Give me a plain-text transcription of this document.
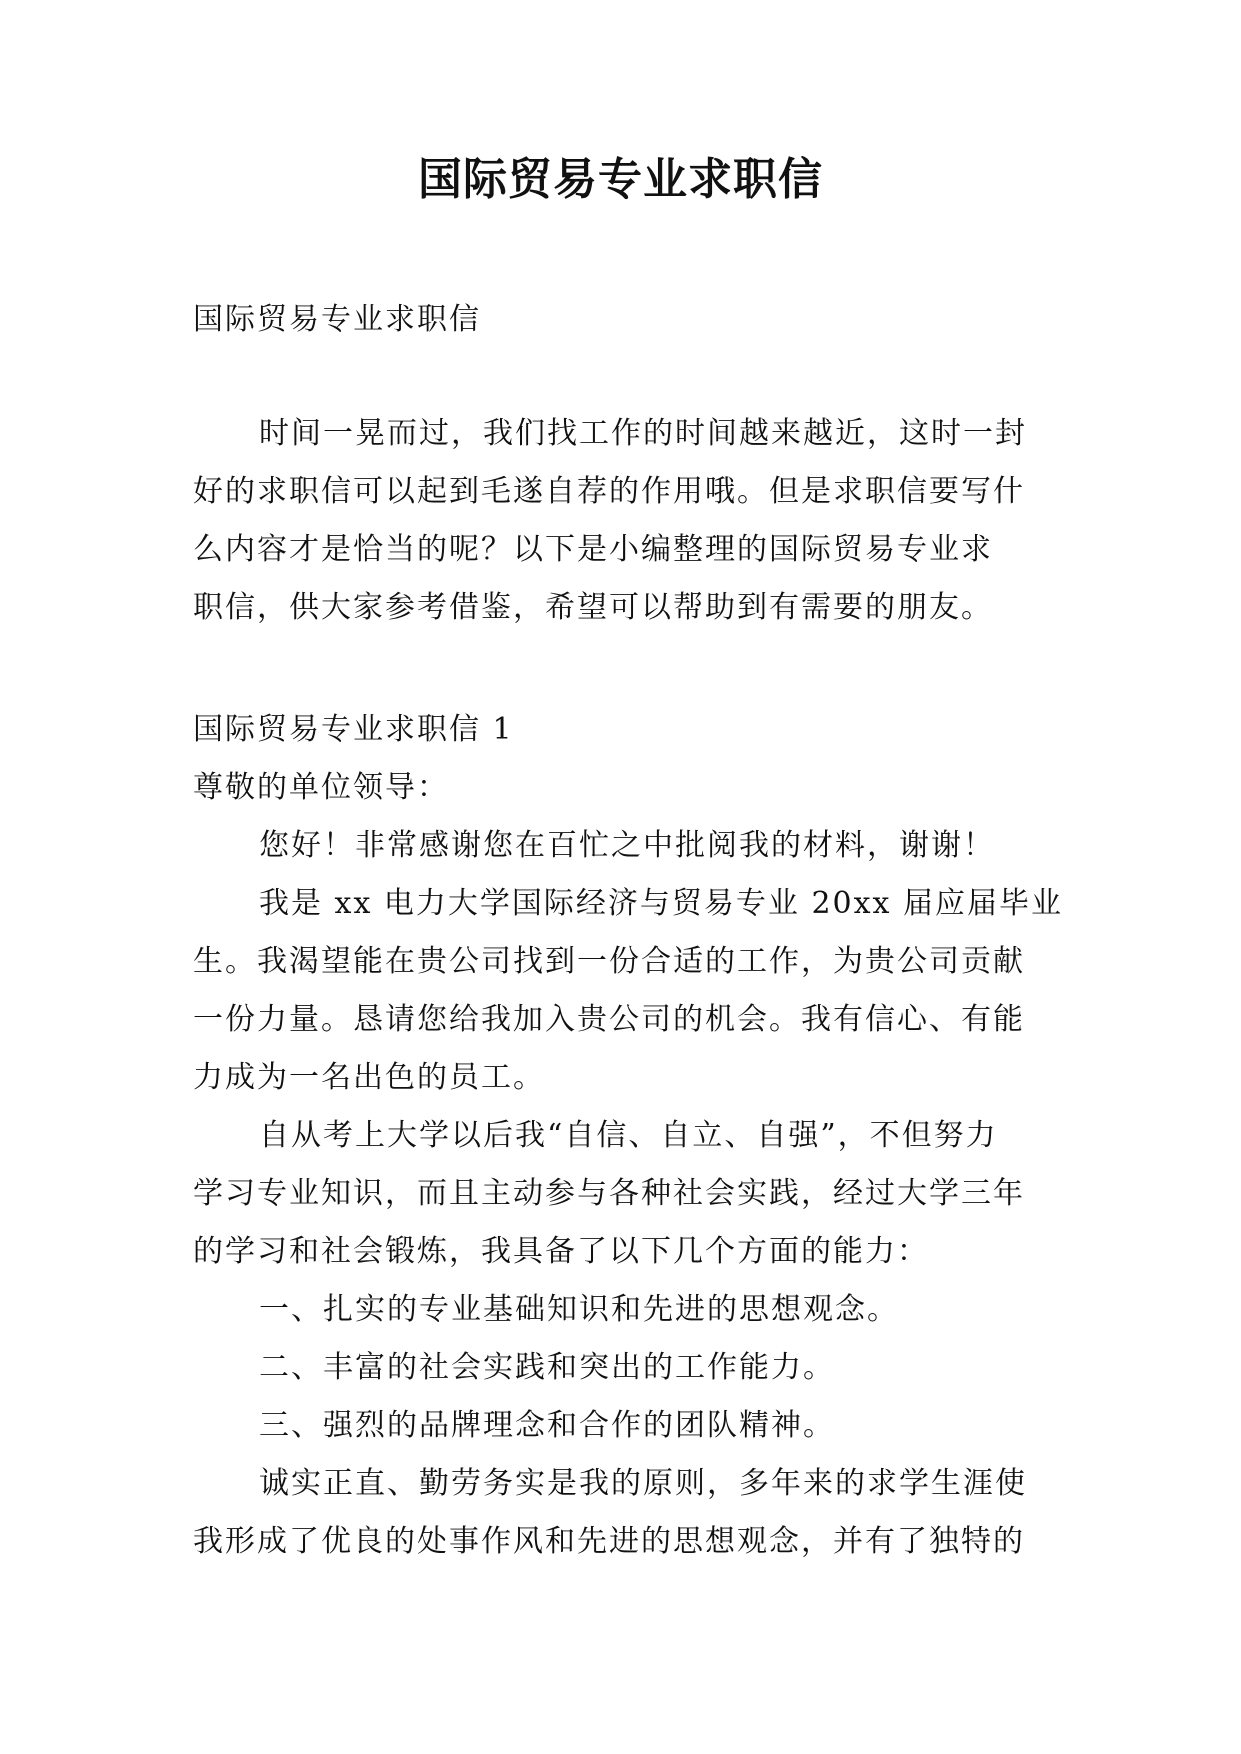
国际贸易专业求职信

国际贸易专业求职信

时间一晃而过，我们找工作的时间越来越近，这时一封

好的求职信可以起到毛遂自荐的作用哦。但是求职信要写什

么内容才是恰当的呢？以下是小编整理的国际贸易专业求

职信，供大家参考借鉴，希望可以帮助到有需要的朋友。

国际贸易专业求职信 1

尊敬的单位领导：

您好！非常感谢您在百忙之中批阅我的材料，谢谢！

我是 xx 电力大学国际经济与贸易专业 20xx 届应届毕业

生。我渴望能在贵公司找到一份合适的工作，为贵公司贡献

一份力量。恳请您给我加入贵公司的机会。我有信心、有能

力成为一名出色的员工。

自从考上大学以后我“自信、自立、自强”，不但努力

学习专业知识，而且主动参与各种社会实践，经过大学三年

的学习和社会锻炼，我具备了以下几个方面的能力：

一、扎实的专业基础知识和先进的思想观念。

二、丰富的社会实践和突出的工作能力。

三、强烈的品牌理念和合作的团队精神。

诚实正直、勤劳务实是我的原则，多年来的求学生涯使

我形成了优良的处事作风和先进的思想观念，并有了独特的
